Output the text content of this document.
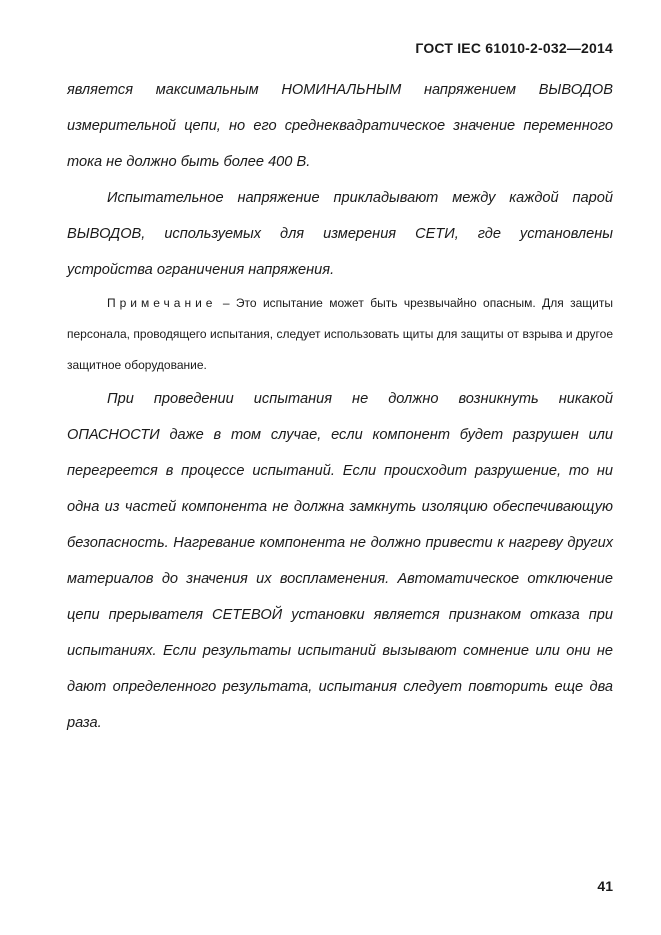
ГОСТ IEC 61010-2-032—2014

является максимальным НОМИНАЛЬНЫМ напряжением ВЫВОДОВ измерительной цепи, но его среднеквадратическое значение переменного тока не должно быть более 400 В.

Испытательное напряжение прикладывают между каждой парой ВЫВОДОВ, используемых для измерения СЕТИ, где установлены устройства ограничения напряжения.

Примечание – Это испытание может быть чрезвычайно опасным. Для защиты персонала, проводящего испытания, следует использовать щиты для защиты от взрыва и другое защитное оборудование.

При проведении испытания не должно возникнуть никакой ОПАСНОСТИ даже в том случае, если компонент будет разрушен или перегреется в процессе испытаний. Если происходит разрушение, то ни одна из частей компонента не должна замкнуть изоляцию обеспечивающую безопасность. Нагревание компонента не должно привести к нагреву других материалов до значения их воспламенения. Автоматическое отключение цепи прерывателя СЕТЕВОЙ установки является признаком отказа при испытаниях. Если результаты испытаний вызывают сомнение или они не дают определенного результата, испытания следует повторить еще два раза.

41
